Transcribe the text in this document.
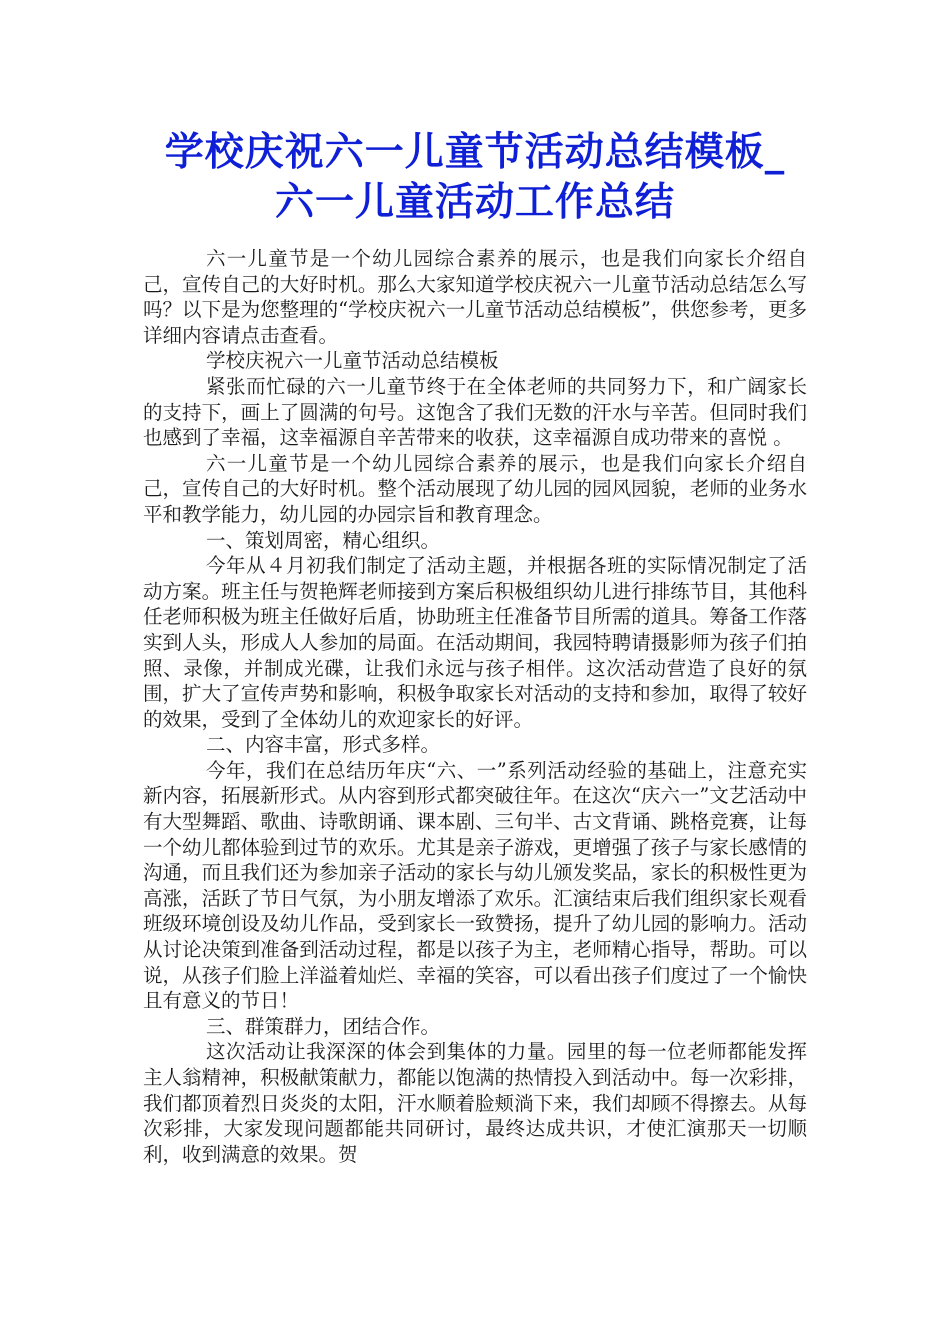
学校庆祝六一儿童节活动总结模板_
六一儿童活动工作总结

六一儿童节是一个幼儿园综合素养的展示，也是我们向家长介绍自己，宣传自己的大好时机。那么大家知道学校庆祝六一儿童节活动总结怎么写吗？以下是为您整理的“学校庆祝六一儿童节活动总结模板”，供您参考，更多详细内容请点击查看。

学校庆祝六一儿童节活动总结模板

紧张而忙碌的六一儿童节终于在全体老师的共同努力下，和广阔家长的支持下，画上了圆满的句号。这饱含了我们无数的汗水与辛苦。但同时我们也感到了幸福，这幸福源自辛苦带来的收获，这幸福源自成功带来的喜悦 。

六一儿童节是一个幼儿园综合素养的展示，也是我们向家长介绍自己，宣传自己的大好时机。整个活动展现了幼儿园的园风园貌，老师的业务水平和教学能力，幼儿园的办园宗旨和教育理念。

一、策划周密，精心组织。

今年从４月初我们制定了活动主题，并根据各班的实际情况制定了活动方案。班主任与贺艳辉老师接到方案后积极组织幼儿进行排练节目，其他科任老师积极为班主任做好后盾，协助班主任准备节目所需的道具。筹备工作落实到人头，形成人人参加的局面。在活动期间，我园特聘请摄影师为孩子们拍照、录像，并制成光碟，让我们永远与孩子相伴。这次活动营造了良好的氛围，扩大了宣传声势和影响，积极争取家长对活动的支持和参加，取得了较好的效果，受到了全体幼儿的欢迎家长的好评。

二、内容丰富，形式多样。

今年，我们在总结历年庆“六、一”系列活动经验的基础上，注意充实新内容，拓展新形式。从内容到形式都突破往年。在这次“庆六一”文艺活动中有大型舞蹈、歌曲、诗歌朗诵、课本剧、三句半、古文背诵、跳格竞赛，让每一个幼儿都体验到过节的欢乐。尤其是亲子游戏，更增强了孩子与家长感情的沟通，而且我们还为参加亲子活动的家长与幼儿颁发奖品，家长的积极性更为高涨，活跃了节日气氛，为小朋友增添了欢乐。汇演结束后我们组织家长观看班级环境创设及幼儿作品，受到家长一致赞扬，提升了幼儿园的影响力。活动从讨论决策到准备到活动过程，都是以孩子为主，老师精心指导，帮助。可以说，从孩子们脸上洋溢着灿烂、幸福的笑容，可以看出孩子们度过了一个愉快且有意义的节日！

三、群策群力，团结合作。

这次活动让我深深的体会到集体的力量。园里的每一位老师都能发挥主人翁精神，积极献策献力，都能以饱满的热情投入到活动中。每一次彩排，我们都顶着烈日炎炎的太阳，汗水顺着脸颊淌下来，我们却顾不得擦去。从每次彩排，大家发现问题都能共同研讨，最终达成共识，才使汇演那天一切顺利，收到满意的效果。贺
